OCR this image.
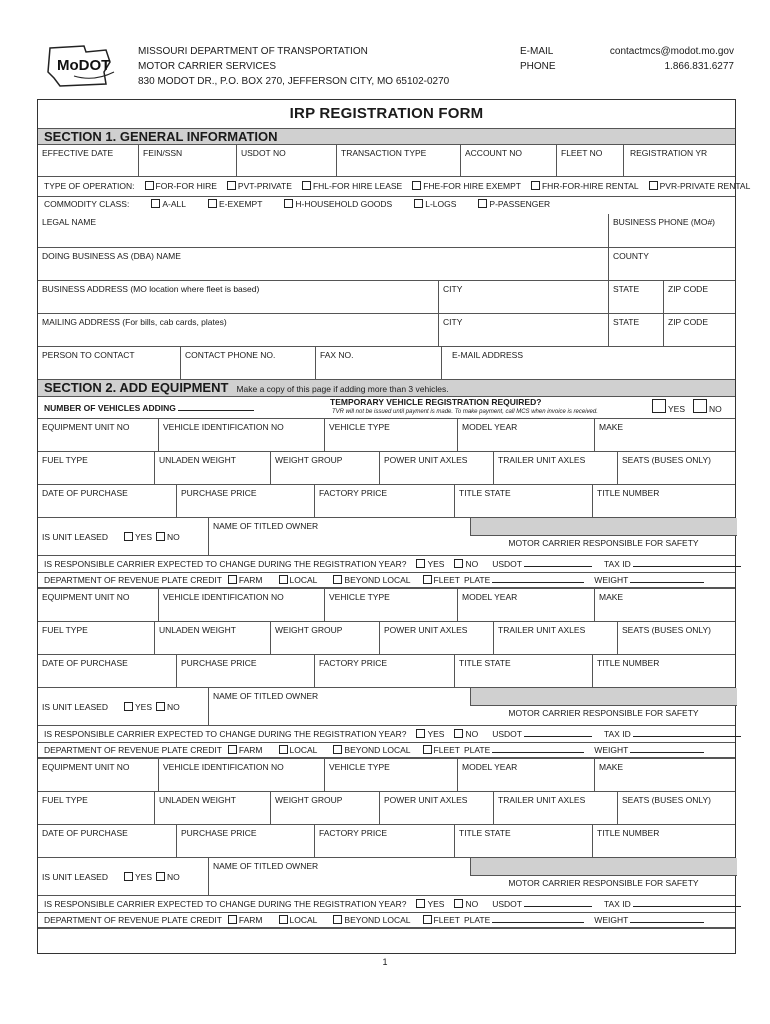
MoDOT
MISSOURI DEPARTMENT OF TRANSPORTATION
MOTOR CARRIER SERVICES
830 MODOT DR., P.O. BOX 270, JEFFERSON CITY, MO 65102-0270
E-MAIL
PHONE
contactmcs@modot.mo.gov
1.866.831.6277
IRP REGISTRATION FORM
SECTION 1. GENERAL INFORMATION
EFFECTIVE DATE	FEIN/SSN	USDOT NO	TRANSACTION TYPE	ACCOUNT NO	FLEET NO	REGISTRATION YR
TYPE OF OPERATION: FOR-FOR HIRE PVT-PRIVATE FHL-FOR HIRE LEASE FHE-FOR HIRE EXEMPT FHR-FOR-HIRE RENTAL PVR-PRIVATE RENTAL
COMMODITY CLASS:	A-ALL	E-EXEMPT	H-HOUSEHOLD GOODS	L-LOGS	P-PASSENGER
LEGAL NAME	BUSINESS PHONE (MO#)
DOING BUSINESS AS (DBA) NAME	COUNTY
BUSINESS ADDRESS (MO location where fleet is based)	CITY	STATE	ZIP CODE
MAILING ADDRESS (For bills, cab cards, plates)	CITY	STATE	ZIP CODE
PERSON TO CONTACT	CONTACT PHONE NO.	FAX NO.	E-MAIL ADDRESS
SECTION 2. ADD EQUIPMENT Make a copy of this page if adding more than 3 vehicles.
NUMBER OF VEHICLES ADDING
TEMPORARY VEHICLE REGISTRATION REQUIRED?
TVR will not be issued until payment is made. To make payment, call MCS when invoice is received.	YES	NO
EQUIPMENT UNIT NO	VEHICLE IDENTIFICATION NO	VEHICLE TYPE	MODEL YEAR	MAKE
FUEL TYPE	UNLADEN WEIGHT	WEIGHT GROUP	POWER UNIT AXLES	TRAILER UNIT AXLES	SEATS (BUSES ONLY)
DATE OF PURCHASE	PURCHASE PRICE	FACTORY PRICE	TITLE STATE	TITLE NUMBER
IS UNIT LEASED	YES NO
NAME OF TITLED OWNER
MOTOR CARRIER RESPONSIBLE FOR SAFETY
IS RESPONSIBLE CARRIER EXPECTED TO CHANGE DURING THE REGISTRATION YEAR? YES NO USDOT	TAX ID
DEPARTMENT OF REVENUE PLATE CREDIT FARM	LOCAL	BEYOND LOCAL	FLEET PLATE	WEIGHT
EQUIPMENT UNIT NO	VEHICLE IDENTIFICATION NO	VEHICLE TYPE	MODEL YEAR	MAKE
FUEL TYPE	UNLADEN WEIGHT	WEIGHT GROUP	POWER UNIT AXLES	TRAILER UNIT AXLES	SEATS (BUSES ONLY)
DATE OF PURCHASE	PURCHASE PRICE	FACTORY PRICE	TITLE STATE	TITLE NUMBER
IS UNIT LEASED	YES NO
NAME OF TITLED OWNER
MOTOR CARRIER RESPONSIBLE FOR SAFETY
IS RESPONSIBLE CARRIER EXPECTED TO CHANGE DURING THE REGISTRATION YEAR? YES NO USDOT	TAX ID
DEPARTMENT OF REVENUE PLATE CREDIT FARM	LOCAL	BEYOND LOCAL	FLEET PLATE	WEIGHT
EQUIPMENT UNIT NO	VEHICLE IDENTIFICATION NO	VEHICLE TYPE	MODEL YEAR	MAKE
FUEL TYPE	UNLADEN WEIGHT	WEIGHT GROUP	POWER UNIT AXLES	TRAILER UNIT AXLES	SEATS (BUSES ONLY)
DATE OF PURCHASE	PURCHASE PRICE	FACTORY PRICE	TITLE STATE	TITLE NUMBER
IS UNIT LEASED	YES NO
NAME OF TITLED OWNER
MOTOR CARRIER RESPONSIBLE FOR SAFETY
IS RESPONSIBLE CARRIER EXPECTED TO CHANGE DURING THE REGISTRATION YEAR? YES NO USDOT	TAX ID
DEPARTMENT OF REVENUE PLATE CREDIT FARM	LOCAL	BEYOND LOCAL	FLEET PLATE	WEIGHT
1
